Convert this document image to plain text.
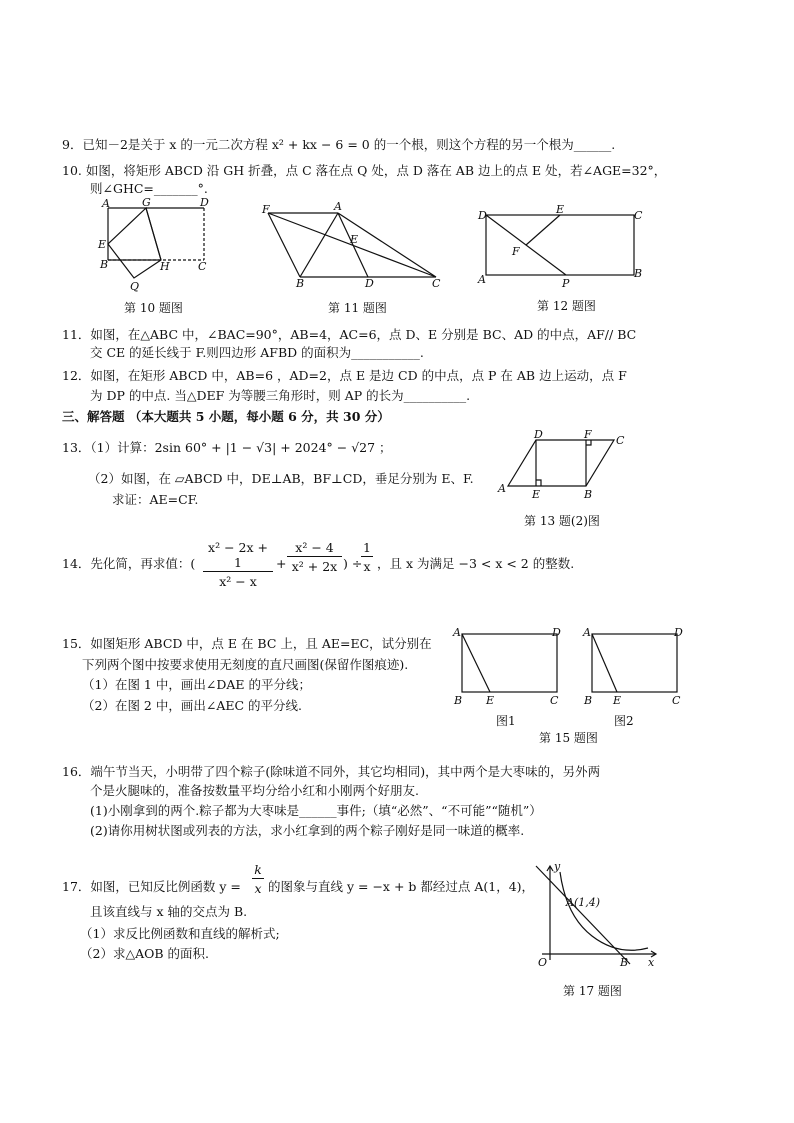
9．已知－2是关于 x 的一元二次方程 x² + kx − 6 = 0 的一个根，则这个方程的另一个根为______.
10. 如图，将矩形 ABCD 沿 GH 折叠，点 C 落在点 Q 处，点 D 落在 AB 边上的点 E 处，若∠AGE=32°，
则∠GHC=_______°.
A	G	D
E
B	H	C
Q
第 10 题图
F	A
E
B	D	C
第 11 题图
D	E	C
F
A	P
B
第 12 题图
11．如图，在△ABC 中，∠BAC=90°，AB=4，AC=6，点 D、E 分别是 BC、AD 的中点，AF// BC
交 CE 的延长线于 F.则四边形 AFBD 的面积为___________.
12．如图，在矩形 ABCD 中，AB=6 ，AD=2，点 E 是边 CD 的中点，点 P 在 AB 边上运动，点 F
为 DP 的中点. 当△DEF 为等腰三角形时，则 AP 的长为__________.
三、解答题 （本大题共 5 小题，每小题 6 分，共 30 分）
13．（1）计算：2sin 60° + |1 − √3| + 2024° − √27 ；
（2）如图，在 ▱ABCD 中，DE⊥AB，BF⊥CD，垂足分别为 E、F.
求证：AE=CF.
D	F C
A E	B
第 13 题(2)图
14．先化简，再求值：( $\frac{\text{x² − 2x + 1}}{\text{x² − x}} + \frac{\text{x² − 4}}{\text{x² + 2x}}$ ) ÷
$\frac{1}{x}$ ，且 x 为满足 −3 < x < 2 的整数.
15．如图矩形 ABCD 中，点 E 在 BC 上，且 AE=EC，试分别在
下列两个图中按要求使用无刻度的直尺画图(保留作图痕迹).
（1）在图 1 中，画出∠DAE 的平分线；
（2）在图 2 中，画出∠AEC 的平分线.
A	D
B E	C
A	D
B E	C
图1	图2
第 15 题图
16．端午节当天，小明带了四个粽子(除味道不同外，其它均相同)，其中两个是大枣味的，另外两
个是火腿味的，准备按数量平均分给小红和小刚两个好朋友.
(1)小刚拿到的两个.粽子都为大枣味是______事件;（填“必然”、“不可能”“随机”）
(2)请你用树状图或列表的方法，求小红拿到的两个粽子刚好是同一味道的概率.
17．如图，已知反比例函数 $y = \frac{k}{x}$ 的图象与直线 y = −x + b 都经过点 A(1，4)，
且该直线与 x 轴的交点为 B.
（1）求反比例函数和直线的解析式;
（2）求△AOB 的面积.
y
A(1,4)
O	B x
第 17 题图
